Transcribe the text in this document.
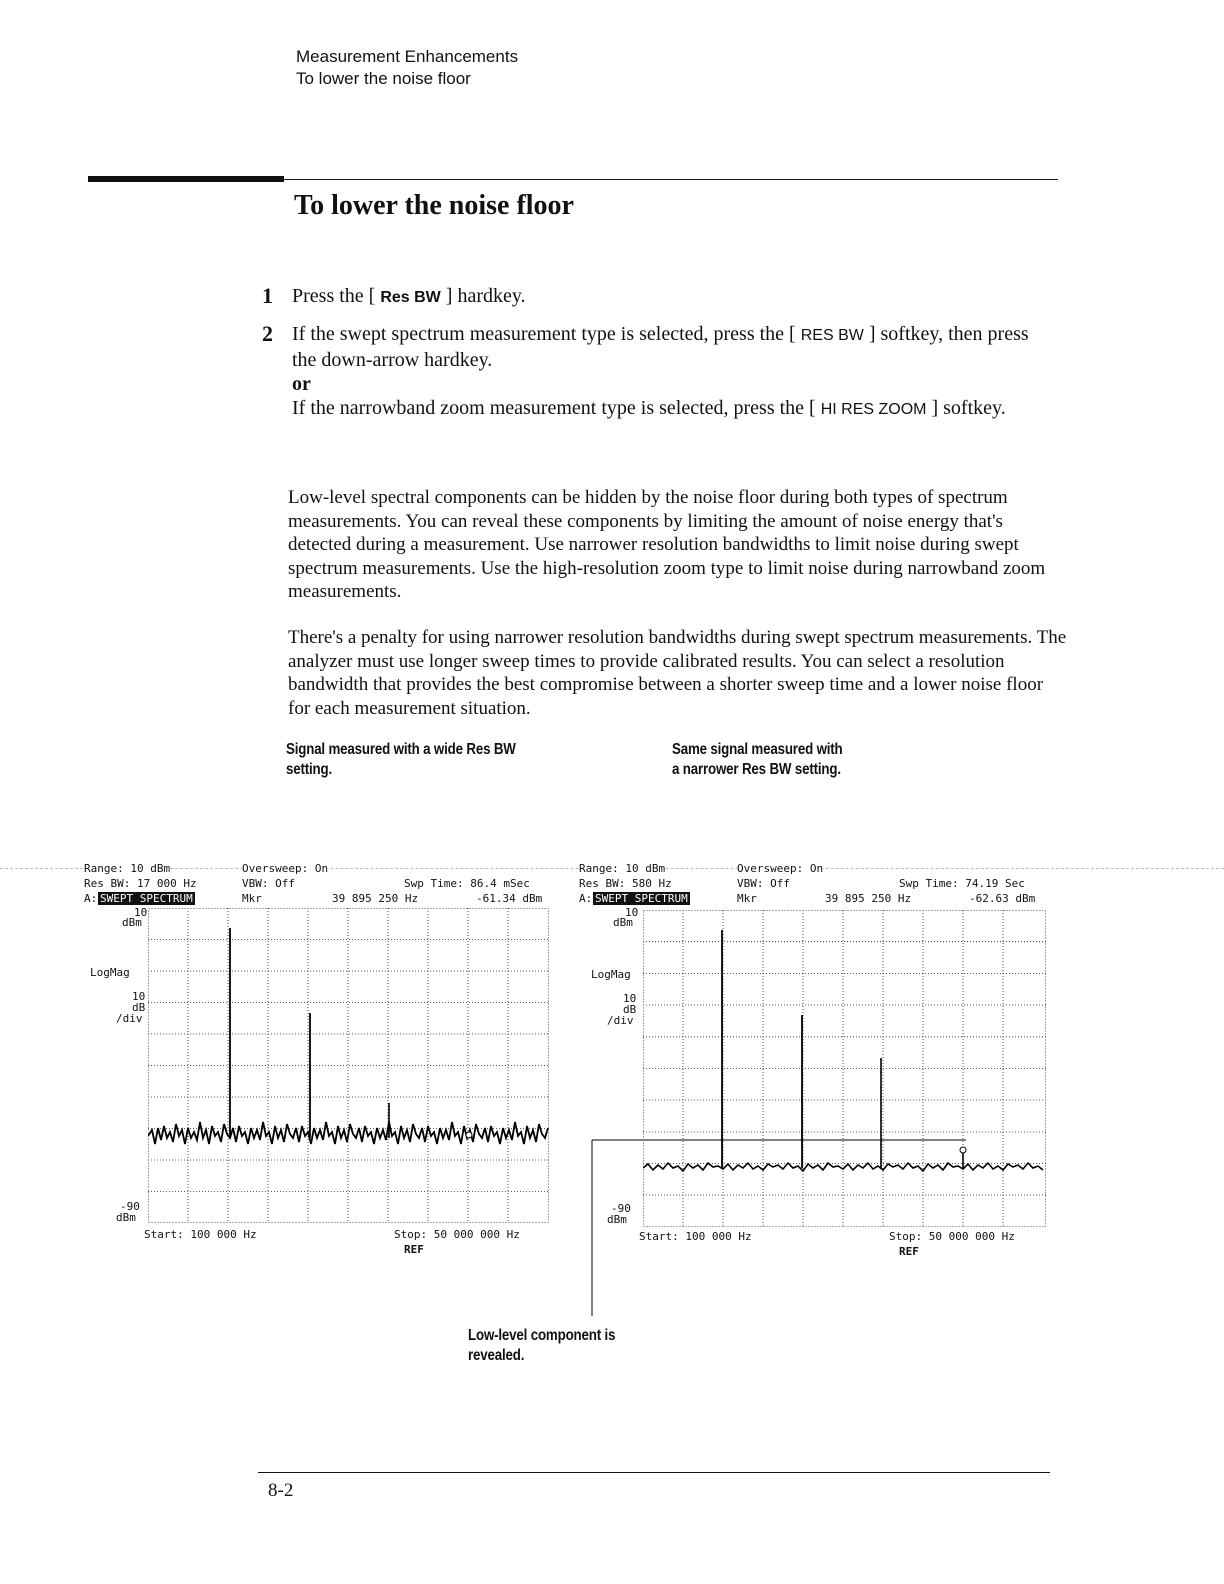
Measurement Enhancements
To lower the noise floor
To lower the noise floor
1 Press the [ Res BW ] hardkey.
2 If the swept spectrum measurement type is selected, press the [ RES BW ] softkey, then press the down-arrow hardkey.
or
If the narrowband zoom measurement type is selected, press the [ HI RES ZOOM ] softkey.
Low-level spectral components can be hidden by the noise floor during both types of spectrum measurements. You can reveal these components by limiting the amount of noise energy that's detected during a measurement. Use narrower resolution bandwidths to limit noise during swept spectrum measurements. Use the high-resolution zoom type to limit noise during narrowband zoom measurements.
There's a penalty for using narrower resolution bandwidths during swept spectrum measurements. The analyzer must use longer sweep times to provide calibrated results. You can select a resolution bandwidth that provides the best compromise between a shorter sweep time and a lower noise floor for each measurement situation.
Signal measured with a wide Res BW setting.
Same signal measured with a narrower Res BW setting.
Range: 10 dBm	Oversweep: On
Res BW: 17 000 Hz	VBW: Off	Swp Time: 86.4 mSec
A: SWEPT SPECTRUM	Mkr	39 895 250 Hz	-61.34 dBm
10
dBm
LogMag
10
dB
/div
-90
dBm
Start: 100 000 Hz	Stop: 50 000 000 Hz
REF
Range: 10 dBm	Oversweep: On
Res BW: 580 Hz	VBW: Off	Swp Time: 74.19 Sec
A: SWEPT SPECTRUM	Mkr	39 895 250 Hz	-62.63 dBm
10
dBm
LogMag
10
dB
/div
-90
dBm
Start: 100 000 Hz	Stop: 50 000 000 Hz
REF
Low-level component is revealed.
8-2
